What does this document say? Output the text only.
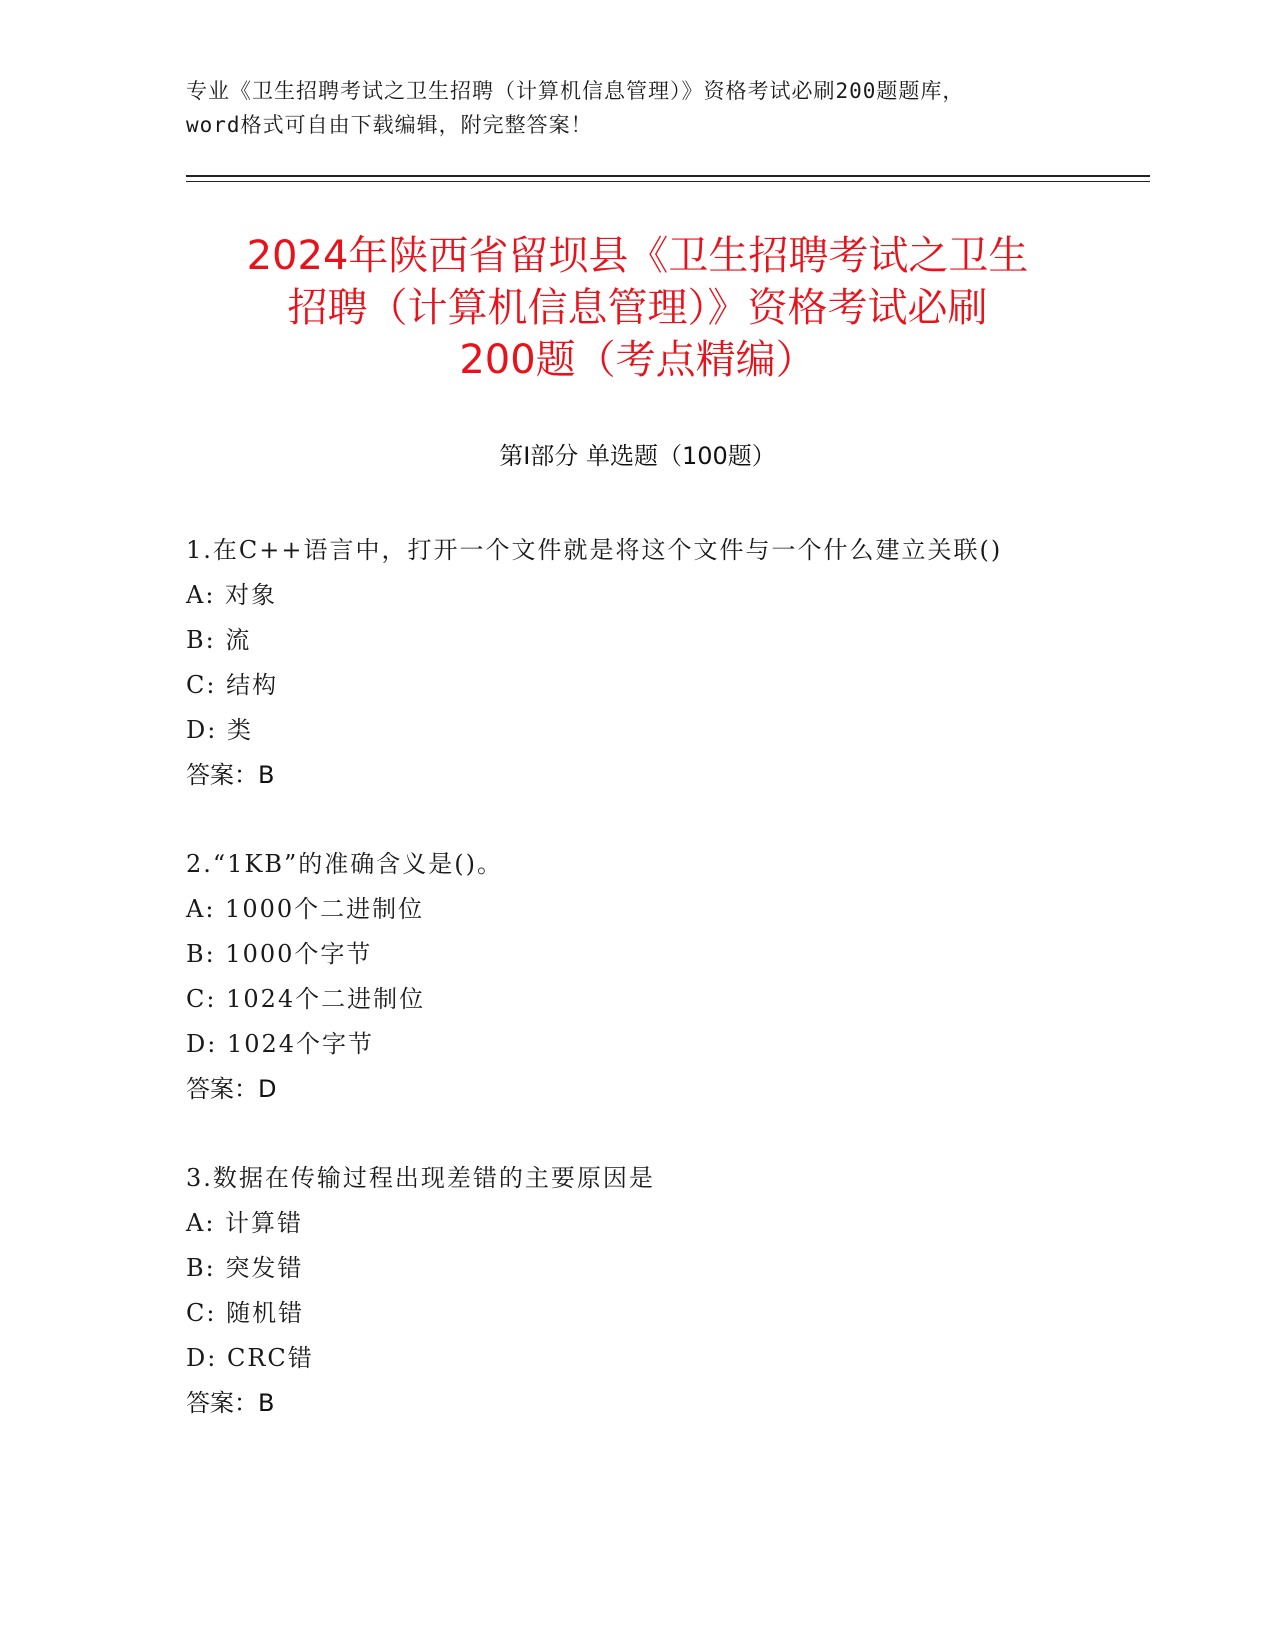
专业《卫生招聘考试之卫生招聘（计算机信息管理）》资格考试必刷200题题库，
word格式可自由下载编辑，附完整答案！
2024年陕西省留坝县《卫生招聘考试之卫生
招聘（计算机信息管理）》资格考试必刷
200题（考点精编）
第Ⅰ部分 单选题（100题）
1.在C++语言中，打开一个文件就是将这个文件与一个什么建立关联()
A: 对象
B: 流
C: 结构
D: 类
答案：B
2.“1KB”的准确含义是()。
A: 1000个二进制位
B: 1000个字节
C: 1024个二进制位
D: 1024个字节
答案：D
3.数据在传输过程出现差错的主要原因是
A: 计算错
B: 突发错
C: 随机错
D: CRC错
答案：B
